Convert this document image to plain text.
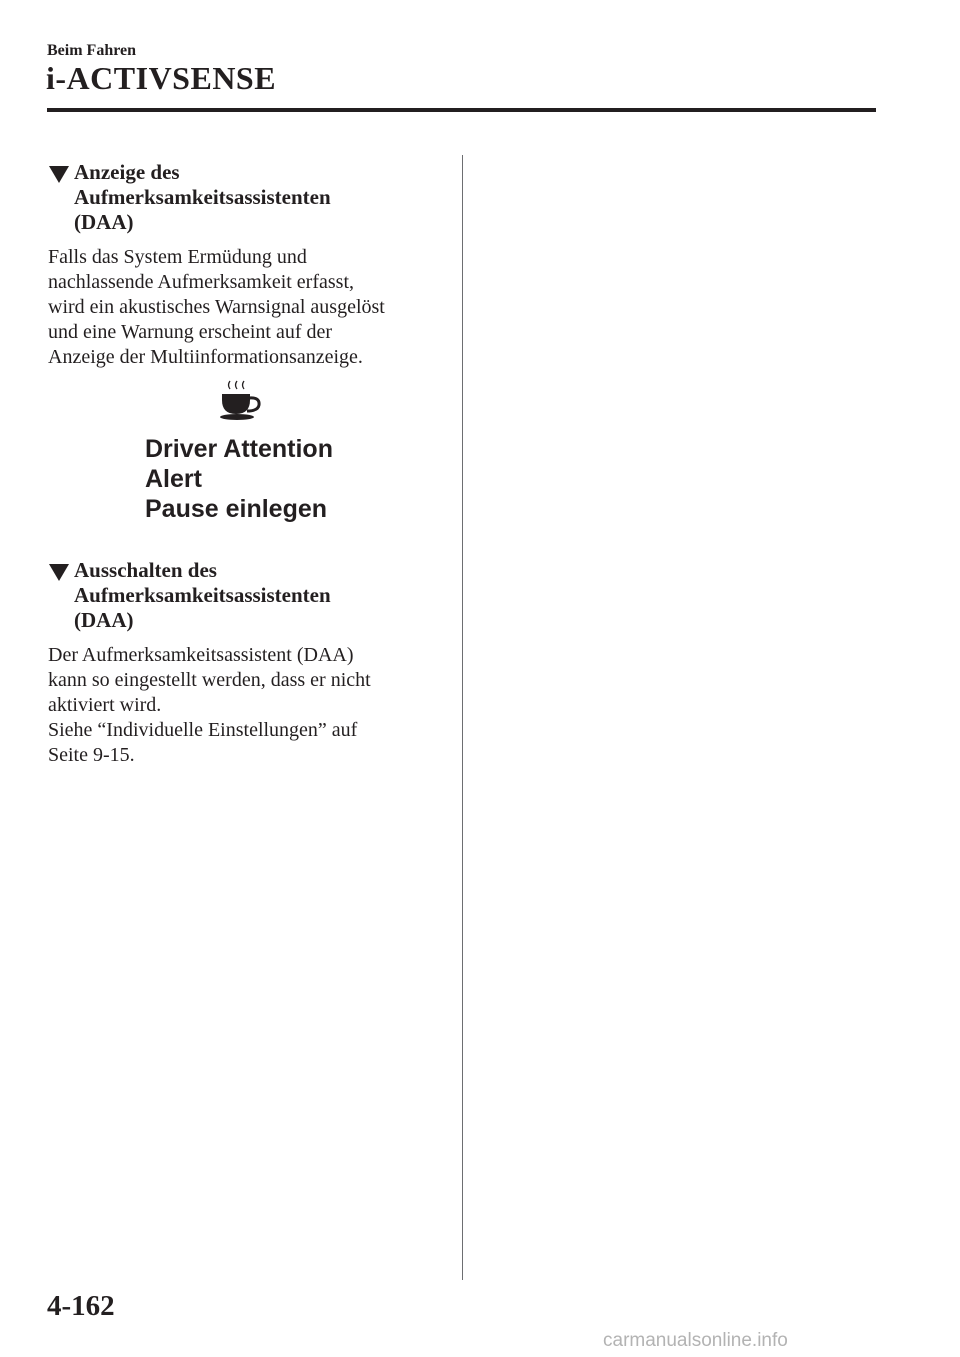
Beim Fahren
i-ACTIVSENSE
Anzeige des
Aufmerksamkeitsassistenten
(DAA)
Falls das System Ermüdung und
nachlassende Aufmerksamkeit erfasst,
wird ein akustisches Warnsignal ausgelöst
und eine Warnung erscheint auf der
Anzeige der Multiinformationsanzeige.
Driver Attention
Alert
Pause einlegen
Ausschalten des
Aufmerksamkeitsassistenten
(DAA)
Der Aufmerksamkeitsassistent (DAA)
kann so eingestellt werden, dass er nicht
aktiviert wird.
Siehe “Individuelle Einstellungen” auf
Seite 9-15.
4-162
carmanualsonline.info
